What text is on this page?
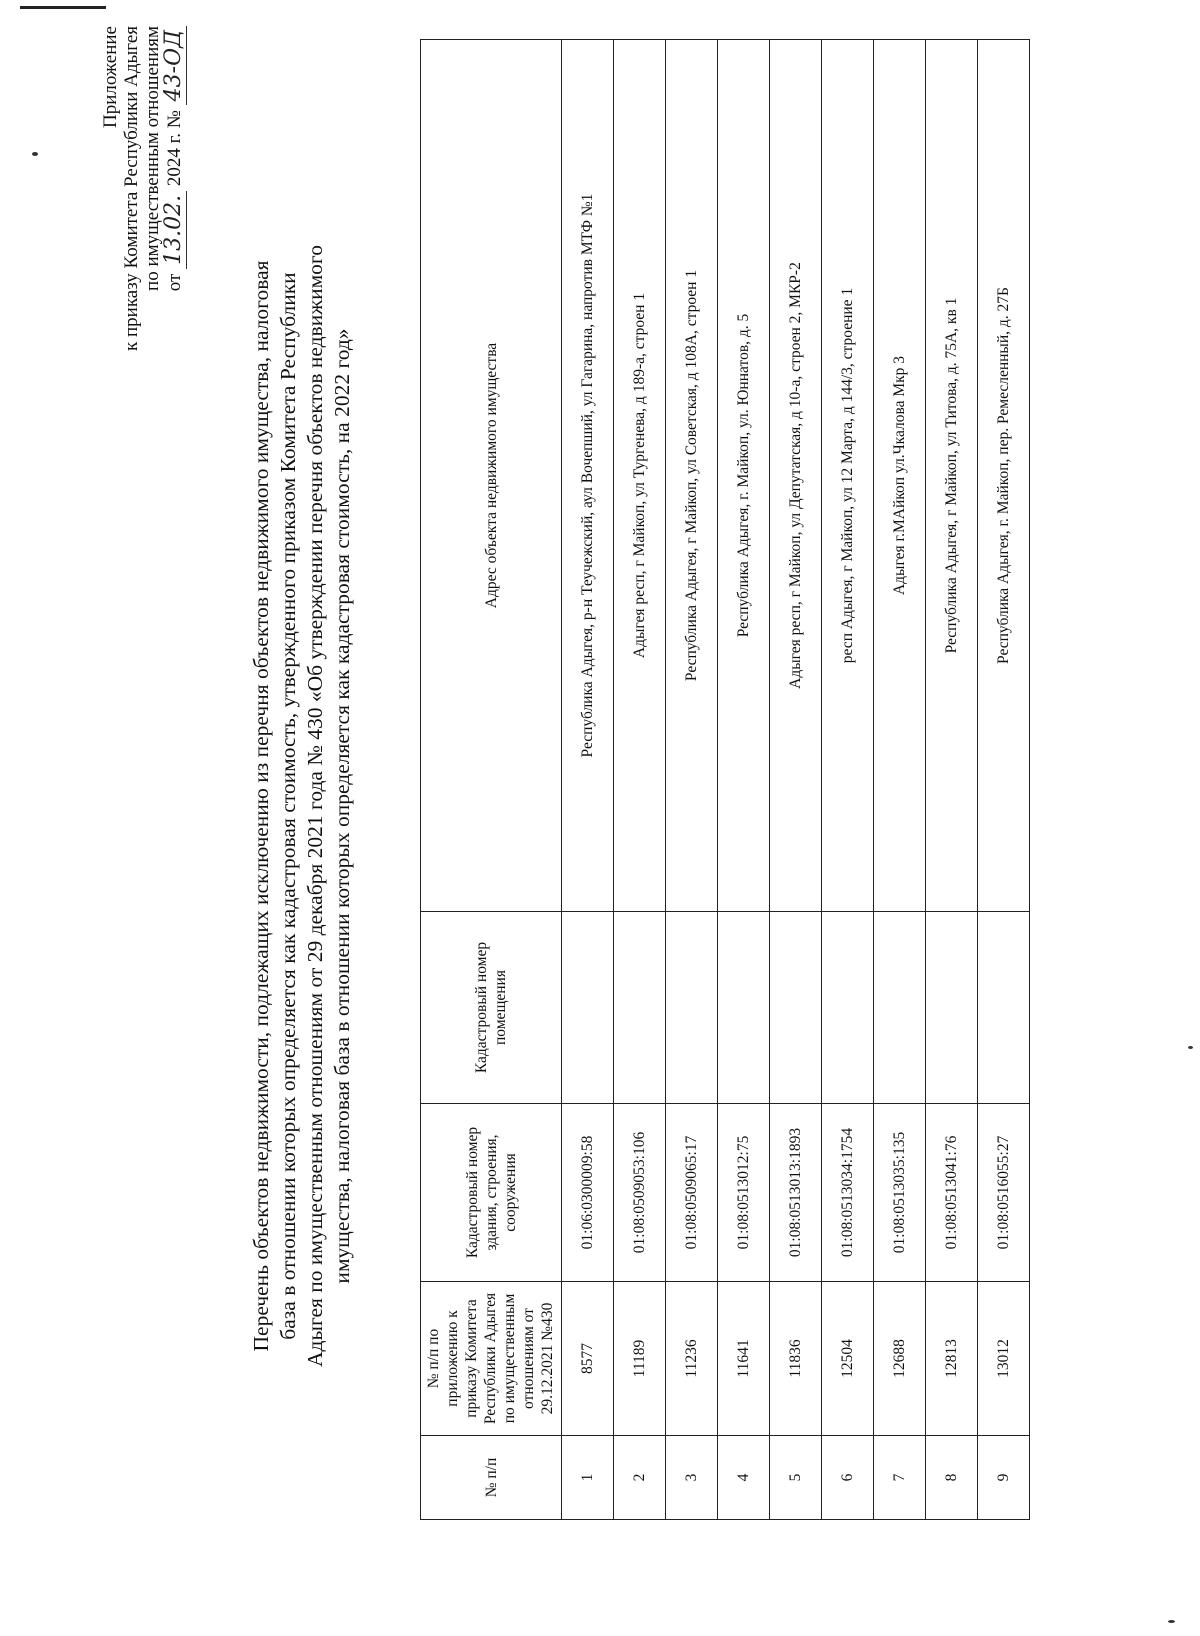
Приложение к приказу Комитета Республики Адыгея по имущественным отношениям от 13.02. 2024 г. № 43-ОД
Перечень объектов недвижимости, подлежащих исключению из перечня объектов недвижимого имущества, налоговая база в отношении которых определяется как кадастровая стоимость, утвержденного приказом Комитета Республики Адыгея по имущественным отношениям от 29 декабря 2021 года № 430 «Об утверждении перечня объектов недвижимого имущества, налоговая база в отношении которых определяется как кадастровая стоимость, на 2022 год»
№ п/п	№ п/п по приложению к приказу Комитета Республики Адыгея по имущественным отношениям от 29.12.2021 №430	Кадастровый номер здания, строения, сооружения	Кадастровый номер помещения	Адрес объекта недвижимого имущества
1	8577	01:06:0300009:58		Республика Адыгея, р-н Теучежский, аул Вочепший, ул Гагарина, напротив МТФ №1
2	11189	01:08:0509053:106		Адыгея респ, г Майкоп, ул Тургенева, д 189-а, строен 1
3	11236	01:08:0509065:17		Республика Адыгея, г Майкоп, ул Советская, д 108А, строен 1
4	11641	01:08:0513012:75		Республика Адыгея, г. Майкоп, ул. Юннатов, д. 5
5	11836	01:08:0513013:1893		Адыгея респ, г Майкоп, ул Депутатская, д 10-а, строен 2, МКР-2
6	12504	01:08:0513034:1754		респ Адыгея, г Майкоп, ул 12 Марта, д 144/3, строение 1
7	12688	01:08:0513035:135		Адыгея г.МАйкоп ул.Чкалова Мкр 3
8	12813	01:08:0513041:76		Республика Адыгея, г Майкоп, ул Титова, д. 75А, кв 1
9	13012	01:08:0516055:27		Республика Адыгея, г. Майкоп, пер. Ремесленный, д. 27Б
